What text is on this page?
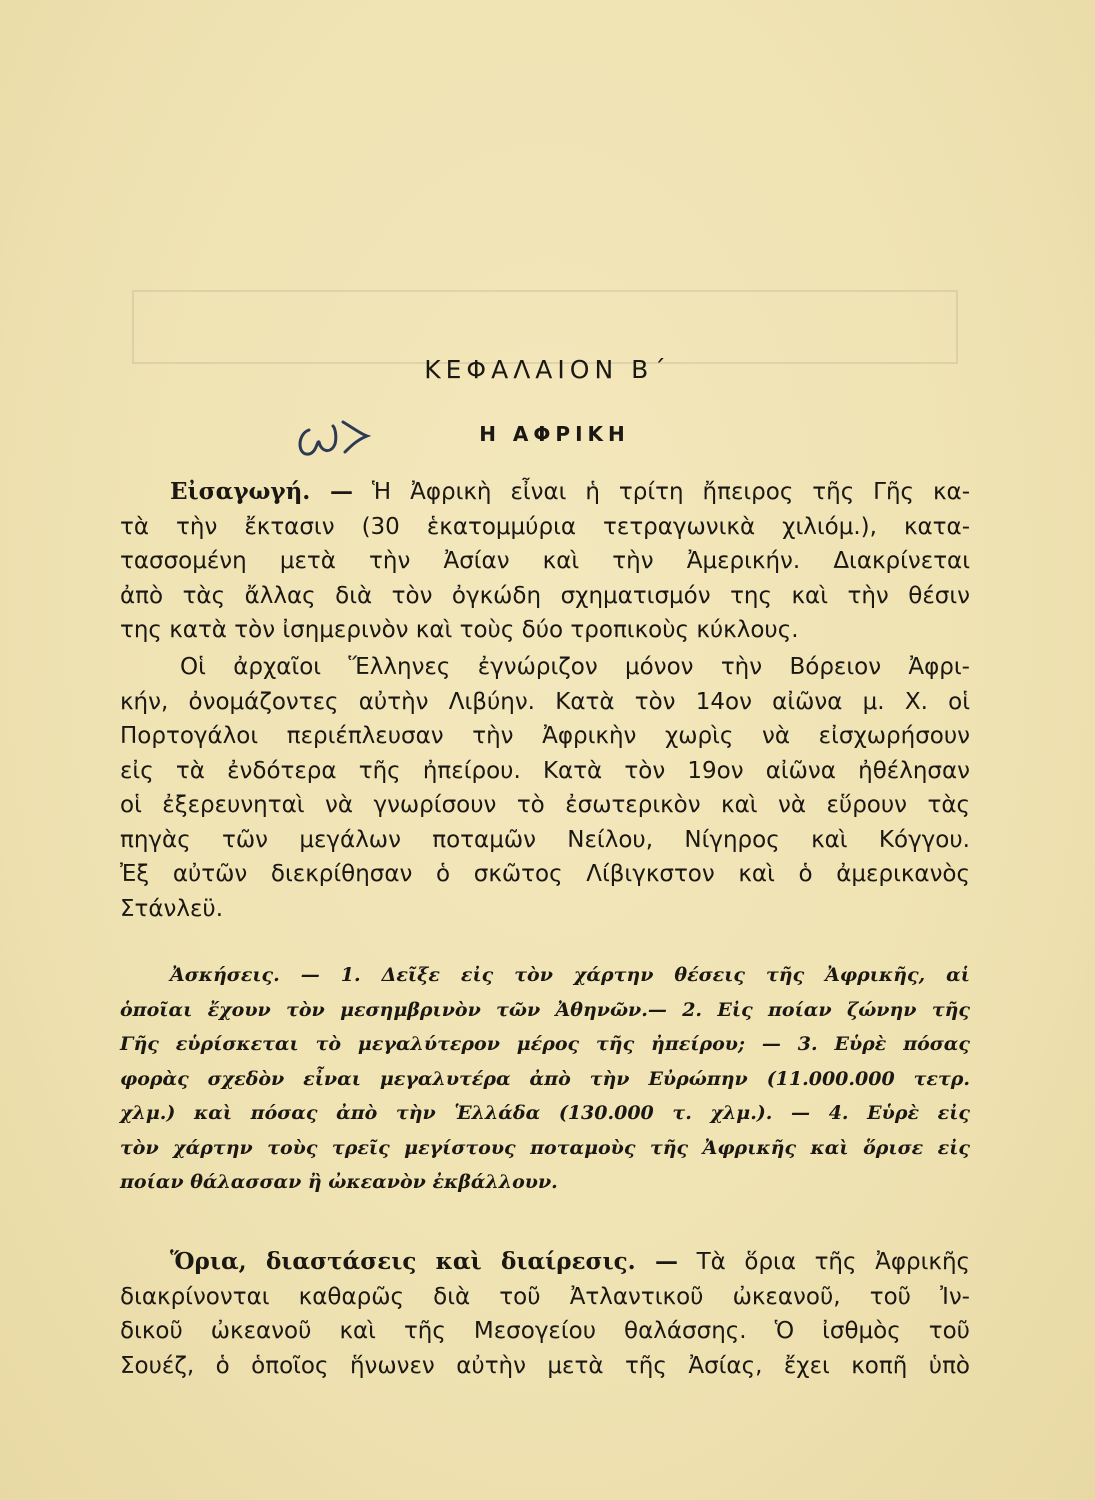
ΚΕΦΑΛΑΙΟΝ Β΄
Η ΑΦΡΙΚΗ
Εἰσαγωγή. — Ἡ Ἀφρικὴ εἶναι ἡ τρίτη ἤπειρος τῆς Γῆς κα-
τὰ τὴν ἔκτασιν (30 ἑκατομμύρια τετραγωνικὰ χιλιόμ.), κατα-
τασσομένη μετὰ τὴν Ἀσίαν καὶ τὴν Ἀμερικήν. Διακρίνεται
ἀπὸ τὰς ἄλλας διὰ τὸν ὀγκώδη σχηματισμόν της καὶ τὴν θέσιν
της κατὰ τὸν ἰσημερινὸν καὶ τοὺς δύο τροπικοὺς κύκλους.
Οἱ ἀρχαῖοι Ἕλληνες ἐγνώριζον μόνον τὴν Βόρειον Ἀφρι-
κήν, ὀνομάζοντες αὐτὴν Λιβύην. Κατὰ τὸν 14ον αἰῶνα μ. Χ. οἱ
Πορτογάλοι περιέπλευσαν τὴν Ἀφρικὴν χωρὶς νὰ εἰσχωρήσουν
εἰς τὰ ἐνδότερα τῆς ἠπείρου. Κατὰ τὸν 19ον αἰῶνα ἠθέλησαν
οἱ ἐξερευνηταὶ νὰ γνωρίσουν τὸ ἐσωτερικὸν καὶ νὰ εὕρουν τὰς
πηγὰς τῶν μεγάλων ποταμῶν Νείλου, Νίγηρος καὶ Κόγγου.
Ἐξ αὐτῶν διεκρίθησαν ὁ σκῶτος Λίβιγκστον καὶ ὁ ἀμερικανὸς
Στάνλεϋ.
Ἀσκήσεις. — 1. Δεῖξε εἰς τὸν χάρτην θέσεις τῆς Ἀφρικῆς, αἱ
ὁποῖαι ἔχουν τὸν μεσημβρινὸν τῶν Ἀθηνῶν.— 2. Εἰς ποίαν ζώνην τῆς
Γῆς εὑρίσκεται τὸ μεγαλύτερον μέρος τῆς ἠπείρου; — 3. Εὑρὲ πόσας
φορὰς σχεδὸν εἶναι μεγαλυτέρα ἀπὸ τὴν Εὐρώπην (11.000.000 τετρ.
χλμ.) καὶ πόσας ἀπὸ τὴν Ἑλλάδα (130.000 τ. χλμ.). — 4. Εὑρὲ εἰς
τὸν χάρτην τοὺς τρεῖς μεγίστους ποταμοὺς τῆς Ἀφρικῆς καὶ ὅρισε εἰς
ποίαν θάλασσαν ἢ ὠκεανὸν ἐκβάλλουν.
Ὅρια, διαστάσεις καὶ διαίρεσις. — Τὰ ὅρια τῆς Ἀφρικῆς
διακρίνονται καθαρῶς διὰ τοῦ Ἀτλαντικοῦ ὠκεανοῦ, τοῦ Ἰν-
δικοῦ ὠκεανοῦ καὶ τῆς Μεσογείου θαλάσσης. Ὁ ἰσθμὸς τοῦ
Σουέζ, ὁ ὁποῖος ἥνωνεν αὐτὴν μετὰ τῆς Ἀσίας, ἔχει κοπῆ ὑπὸ
